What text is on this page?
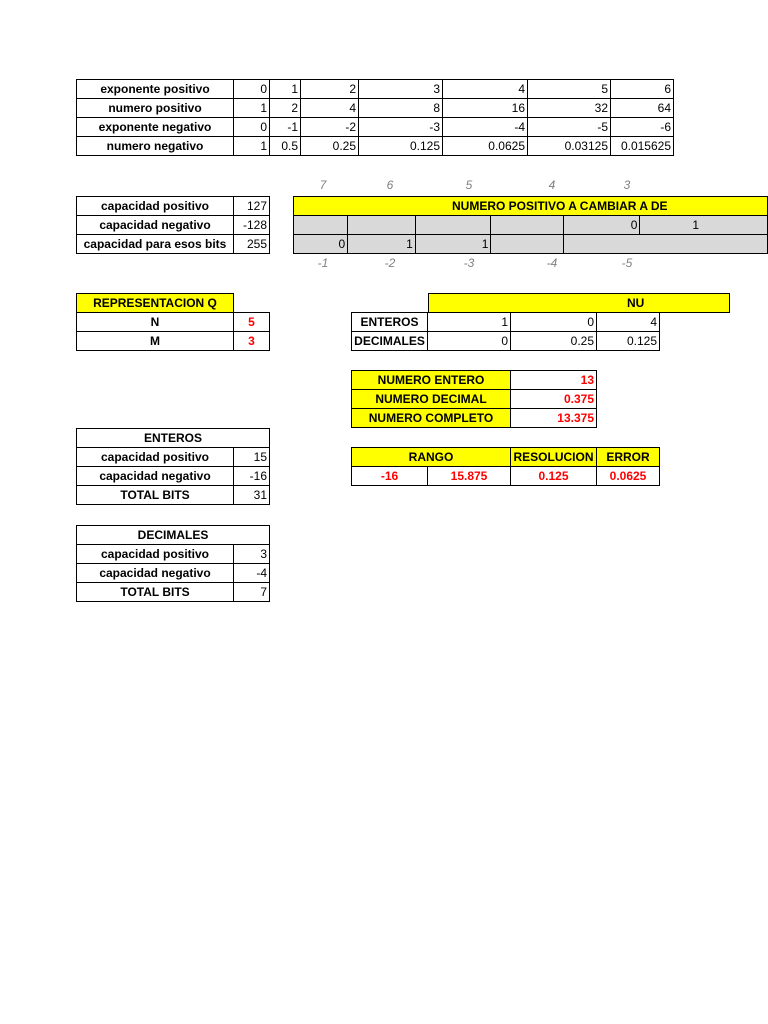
exponente positivo	0	1	2	3	4	5	6
numero positivo	1	2	4	8	16	32	64
exponente negativo	0	-1	-2	-3	-4	-5	-6
numero negativo	1	0.5	0.25	0.125	0.0625	0.03125	0.015625
7	6	5	4	3
capacidad positivo	127
capacidad negativo	-128
capacidad para esos bits	255
NUMERO POSITIVO A CAMBIAR A DE					
				0	1
0	1	1			
-1	-2	-3	-4	-5
REPRESENTACION Q	
N	5
M	3
NU
ENTEROS	1	0	4
DECIMALES	0	0.25	0.125
NUMERO ENTERO	13
NUMERO DECIMAL	0.375
NUMERO COMPLETO	13.375
RANGO		RESOLUCION	ERROR
-16	15.875	0.125	0.0625
ENTEROS	
capacidad positivo	15
capacidad negativo	-16
TOTAL BITS	31
DECIMALES	
capacidad positivo	3
capacidad negativo	-4
TOTAL BITS	7
